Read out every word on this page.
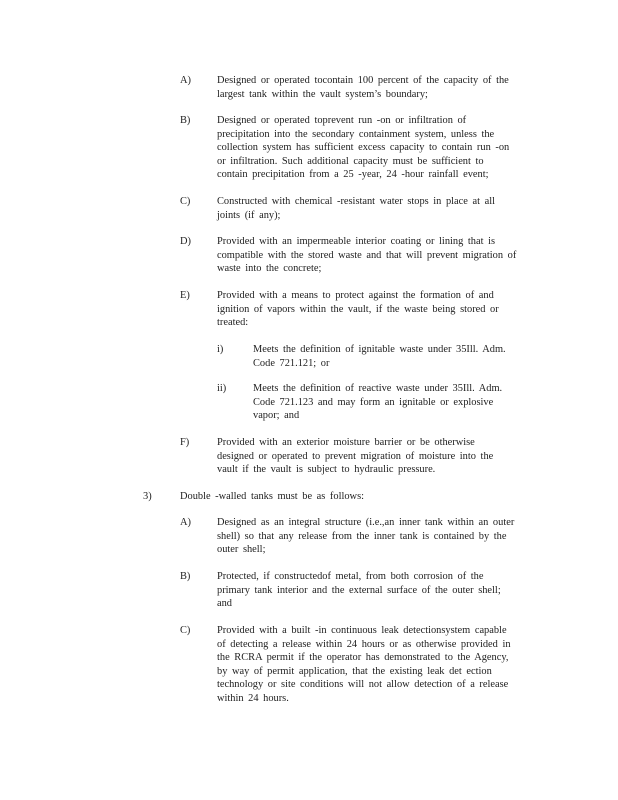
A)	Designed or operated tocontain 100 percent of the capacity of the
largest tank within the vault system’s boundary;
B)	Designed or operated toprevent run -on or infiltration of
precipitation into the secondary containment system, unless the
collection system has sufficient excess capacity to contain run -on
or infiltration. Such additional capacity must be sufficient to
contain precipitation from a 25 -year, 24 -hour rainfall event;
C)	Constructed with chemical -resistant water stops in place at all
joints (if any);
D)	Provided with an impermeable interior coating or lining that is
compatible with the stored waste and that will prevent migration of
waste into the concrete;
E)	Provided with a means to protect against the formation of and
ignition of vapors within the vault, if the waste being stored or
treated:
i)	Meets the definition of ignitable waste under 35Ill. Adm.
Code 721.121; or
ii)	Meets the definition of reactive waste under 35Ill. Adm.
Code 721.123 and may form an ignitable or explosive
vapor; and
F)	Provided with an exterior moisture barrier or be otherwise
designed or operated to prevent migration of moisture into the
vault if the vault is subject to hydraulic pressure.
3)	Double -walled tanks must be as follows:
A)	Designed as an integral structure (i.e.,an inner tank within an outer
shell) so that any release from the inner tank is contained by the
outer shell;
B)	Protected, if constructedof metal, from both corrosion of the
primary tank interior and the external surface of the outer shell;
and
C)	Provided with a built -in continuous leak detectionsystem capable
of detecting a release within 24 hours or as otherwise provided in
the RCRA permit if the operator has demonstrated to the Agency,
by way of permit application, that the existing leak det ection
technology or site conditions will not allow detection of a release
within 24 hours.
